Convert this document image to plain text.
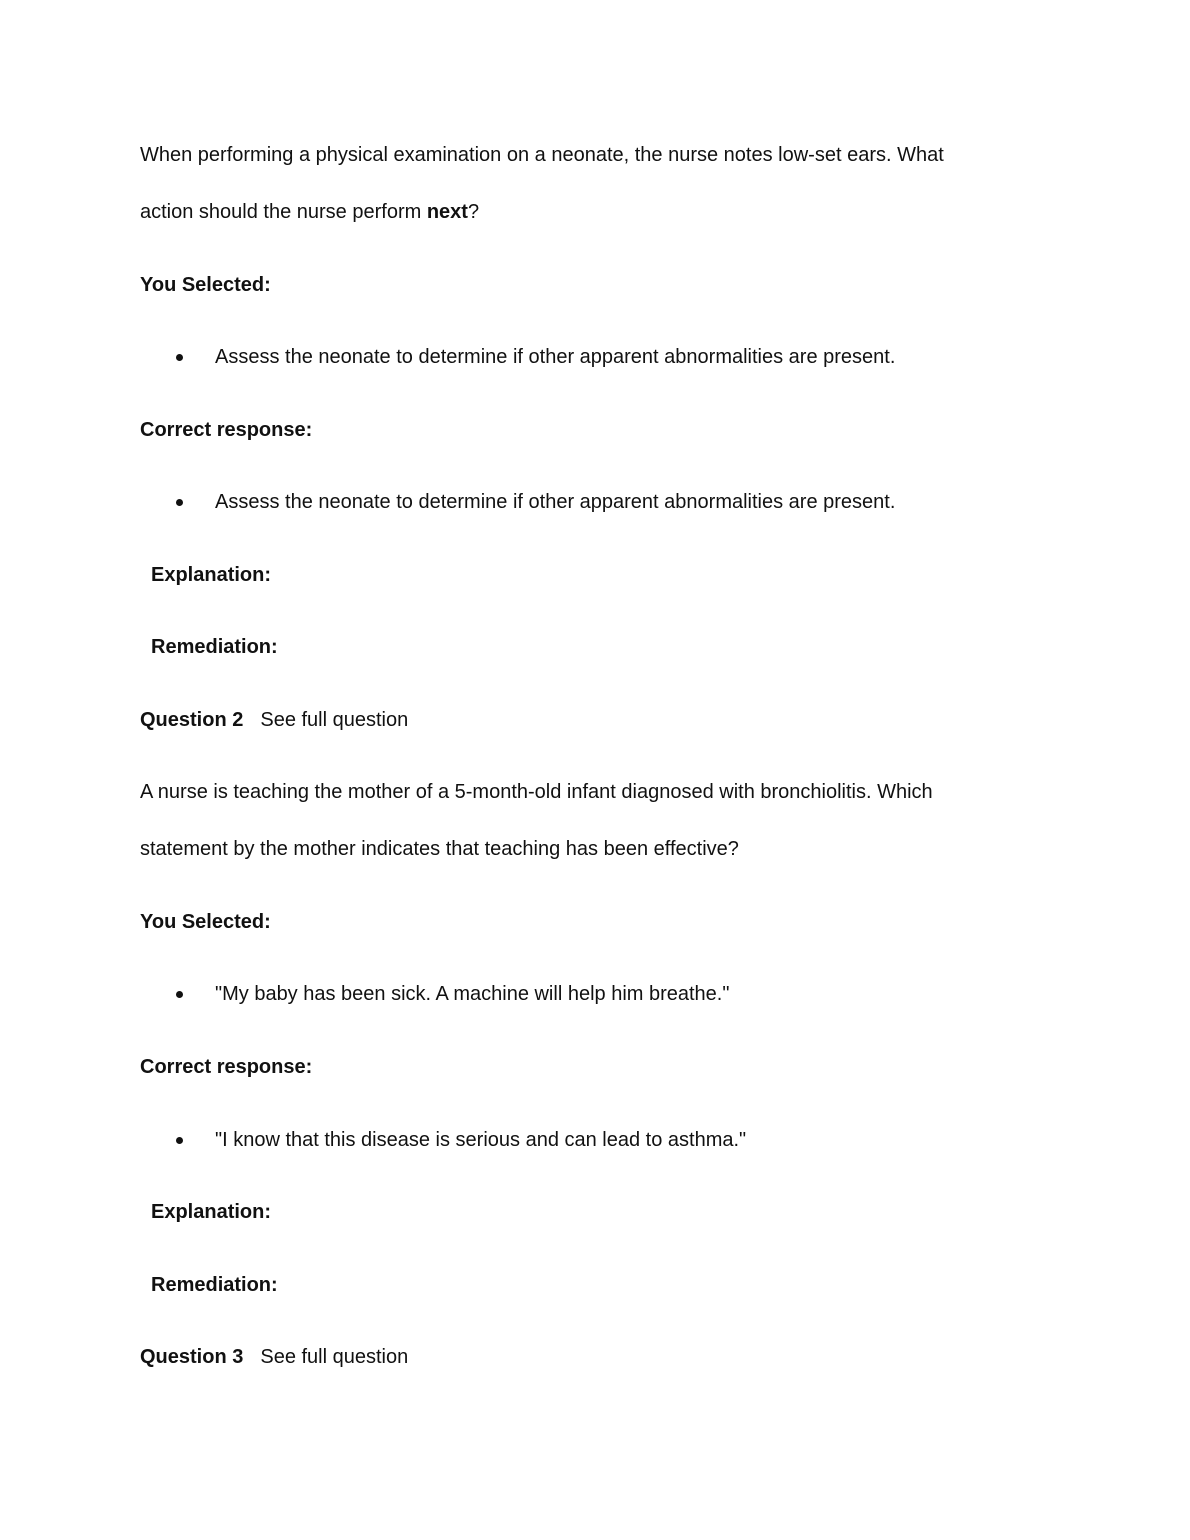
When performing a physical examination on a neonate, the nurse notes low-set ears. What
action should the nurse perform next?
You Selected:
Assess the neonate to determine if other apparent abnormalities are present.
Correct response:
Assess the neonate to determine if other apparent abnormalities are present.
Explanation:
Remediation:
Question 2 See full question
A nurse is teaching the mother of a 5-month-old infant diagnosed with bronchiolitis. Which
statement by the mother indicates that teaching has been effective?
You Selected:
"My baby has been sick. A machine will help him breathe."
Correct response:
"I know that this disease is serious and can lead to asthma."
Explanation:
Remediation:
Question 3 See full question
